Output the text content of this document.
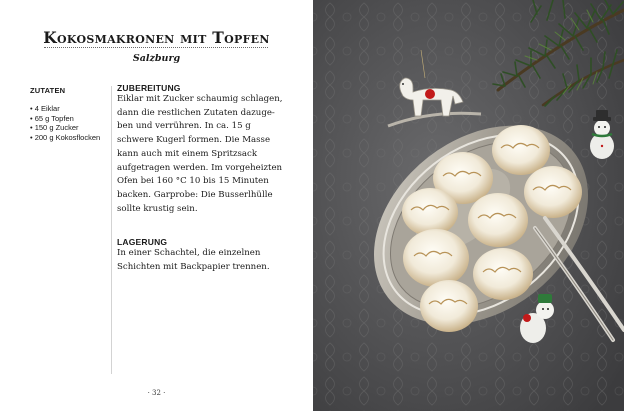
Kokosmakronen mit Topfen
Salzburg
ZUTATEN
• 4 Eiklar
• 65 g Topfen
• 150 g Zucker
• 200 g Kokosflocken
ZUBEREITUNG
Eiklar mit Zucker schaumig schlagen, dann die restlichen Zutaten dazugeben und verrühren. In ca. 15 g schwere Kugerl formen. Die Masse kann auch mit einem Spritzsack aufgetragen werden. Im vorgeheizten Ofen bei 160 °C 10 bis 15 Minuten backen. Garprobe: Die Busserlhülle sollte krustig sein.
LAGERUNG
In einer Schachtel, die einzelnen Schichten mit Backpapier trennen.
· 32 ·
